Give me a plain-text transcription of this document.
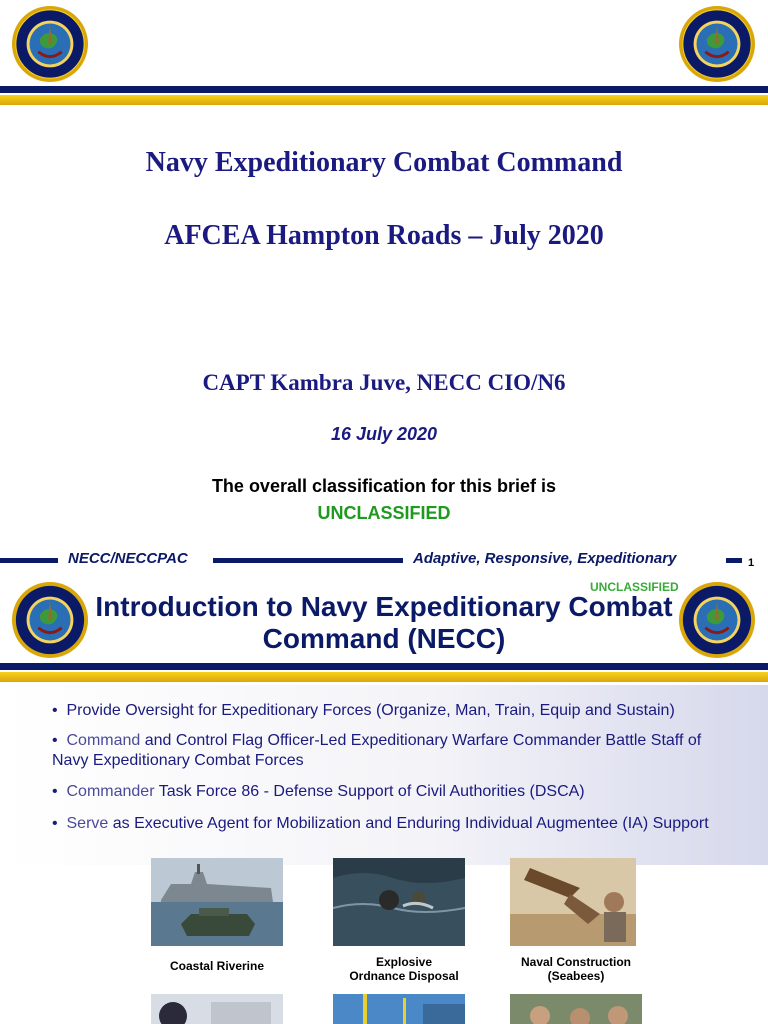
Navy Expeditionary Combat Command
AFCEA Hampton Roads – July 2020
CAPT Kambra Juve, NECC CIO/N6
16 July 2020
The overall classification for this brief is
UNCLASSIFIED
NECC/NECCPAC	Adaptive, Responsive, Expeditionary	1
UNCLASSIFIED
Introduction to Navy Expeditionary Combat Command (NECC)
•  Provide Oversight for Expeditionary Forces (Organize, Man, Train, Equip and Sustain)
•  Command and Control Flag Officer-Led Expeditionary Warfare Commander Battle Staff of Navy Expeditionary Combat Forces
•  Commander Task Force 86 - Defense Support of Civil Authorities (DSCA)
•  Serve as Executive Agent for Mobilization and Enduring Individual Augmentee (IA) Support
Coastal Riverine	Explosive
Ordnance Disposal
Naval Construction
(Seabees)
